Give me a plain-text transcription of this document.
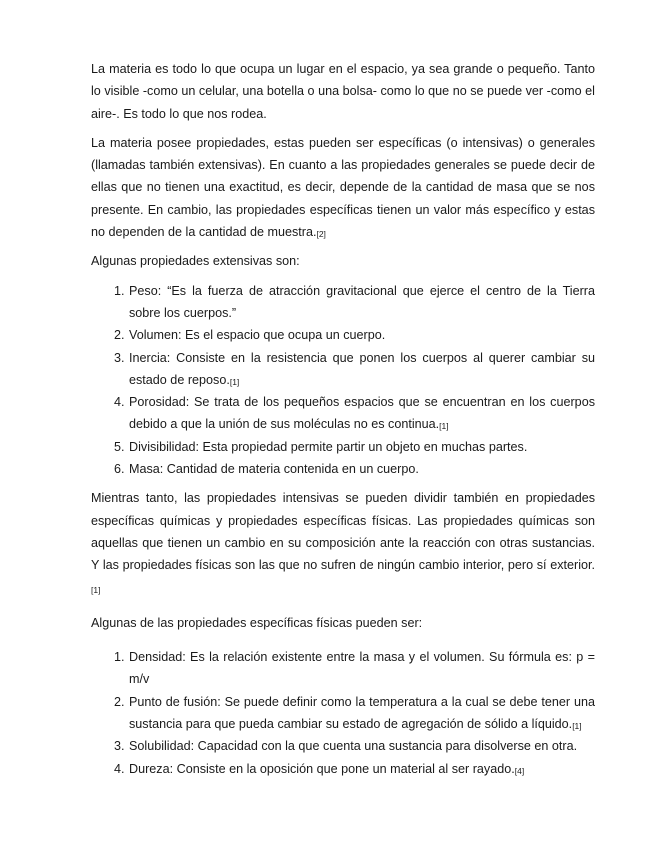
La materia es todo lo que ocupa un lugar en el espacio, ya sea grande o pequeño. Tanto lo visible -como un celular, una botella o una bolsa- como lo que no se puede ver -como el aire-. Es todo lo que nos rodea.

La materia posee propiedades, estas pueden ser específicas (o intensivas) o generales (llamadas también extensivas). En cuanto a las propiedades generales se puede decir de ellas que no tienen una exactitud, es decir, depende de la cantidad de masa que se nos presente. En cambio, las propiedades específicas tienen un valor más específico y estas no dependen de la cantidad de $muestra._{[2]}$

Algunas propiedades extensivas son:

1. Peso: “Es la fuerza de atracción gravitacional que ejerce el centro de la Tierra sobre los cuerpos.”
2. Volumen: Es el espacio que ocupa un cuerpo.
3. Inercia: Consiste en la resistencia que ponen los cuerpos al querer cambiar su estado de $reposo._{[1]}$
4. Porosidad: Se trata de los pequeños espacios que se encuentran en los cuerpos debido a que la unión de sus moléculas no es $continua._{[1]}$
5. Divisibilidad: Esta propiedad permite partir un objeto en muchas partes.
6. Masa: Cantidad de materia contenida en un cuerpo.

Mientras tanto, las propiedades intensivas se pueden dividir también en propiedades específicas químicas y propiedades específicas físicas. Las propiedades químicas son aquellas que tienen un cambio en su composición ante la reacción con otras sustancias. Y las propiedades físicas son las que no sufren de ningún cambio interior, pero sí $exterior._{[1]}$

Algunas de las propiedades específicas físicas pueden ser:

1. Densidad: Es la relación existente entre la masa y el volumen. Su fórmula es: p = m/v
2. Punto de fusión: Se puede definir como la temperatura a la cual se debe tener una sustancia para que pueda cambiar su estado de agregación de sólido a $líquido._{[1]}$
3. Solubilidad: Capacidad con la que cuenta una sustancia para disolverse en otra.
4. Dureza: Consiste en la oposición que pone un material al ser $rayado._{[4]}$
